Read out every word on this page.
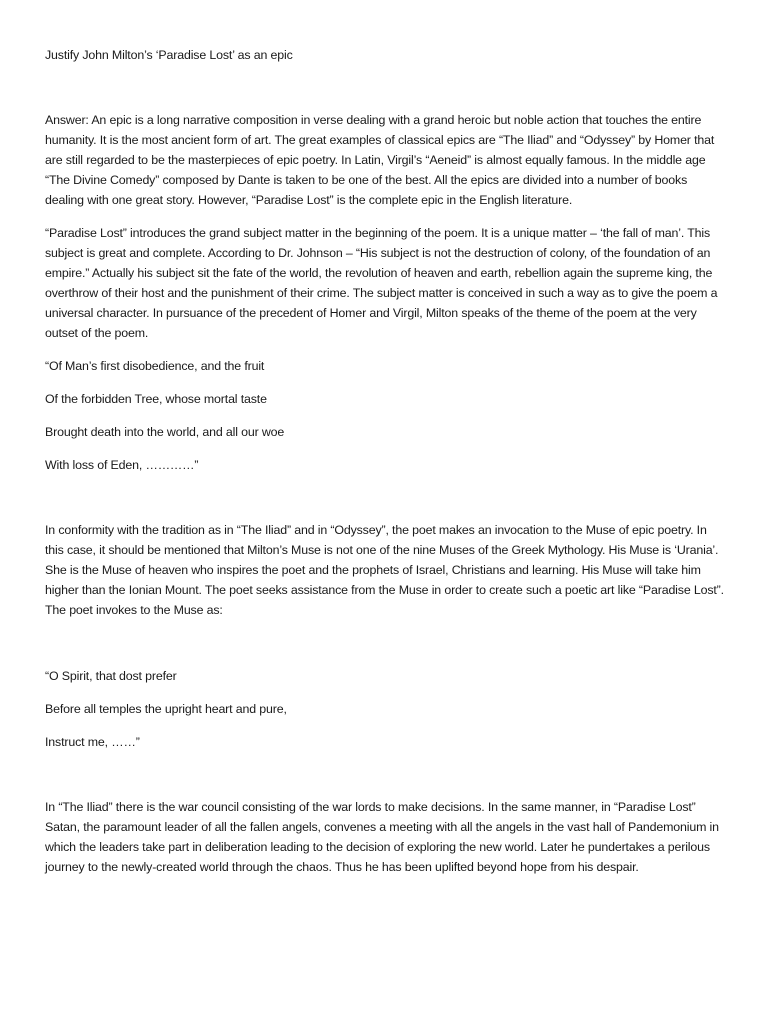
Justify John Milton’s ‘Paradise Lost’ as an epic

Answer: An epic is a long narrative composition in verse dealing with a grand heroic but noble action that touches the entire humanity. It is the most ancient form of art. The great examples of classical epics are “The Iliad” and “Odyssey” by Homer that are still regarded to be the masterpieces of epic poetry. In Latin, Virgil’s “Aeneid” is almost equally famous. In the middle age “The Divine Comedy” composed by Dante is taken to be one of the best. All the epics are divided into a number of books dealing with one great story. However, “Paradise Lost” is the complete epic in the English literature.

“Paradise Lost” introduces the grand subject matter in the beginning of the poem. It is a unique matter – ‘the fall of man’. This subject is great and complete. According to Dr. Johnson – “His subject is not the destruction of colony, of the foundation of an empire.” Actually his subject sit the fate of the world, the revolution of heaven and earth, rebellion again the supreme king, the overthrow of their host and the punishment of their crime. The subject matter is conceived in such a way as to give the poem a universal character. In pursuance of the precedent of Homer and Virgil, Milton speaks of the theme of the poem at the very outset of the poem.

“Of Man’s first disobedience, and the fruit

Of the forbidden Tree, whose mortal taste

Brought death into the world, and all our woe

With loss of Eden, …………”

In conformity with the tradition as in “The Iliad” and in “Odyssey”, the poet makes an invocation to the Muse of epic poetry. In this case, it should be mentioned that Milton’s Muse is not one of the nine Muses of the Greek Mythology. His Muse is ‘Urania’. She is the Muse of heaven who inspires the poet and the prophets of Israel, Christians and learning. His Muse will take him higher than the Ionian Mount. The poet seeks assistance from the Muse in order to create such a poetic art like “Paradise Lost”. The poet invokes to the Muse as:

“O Spirit, that dost prefer

Before all temples the upright heart and pure,

Instruct me, ……”

In “The Iliad” there is the war council consisting of the war lords to make decisions. In the same manner, in “Paradise Lost” Satan, the paramount leader of all the fallen angels, convenes a meeting with all the angels in the vast hall of Pandemonium in which the leaders take part in deliberation leading to the decision of exploring the new world. Later he pundertakes a perilous journey to the newly-created world through the chaos. Thus he has been uplifted beyond hope from his despair.
